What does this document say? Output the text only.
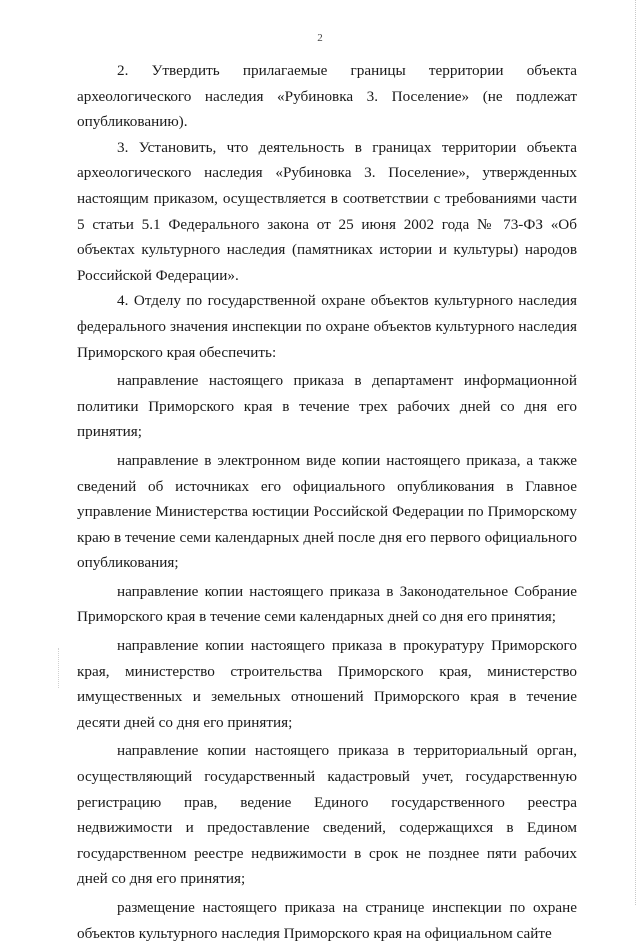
2

2. Утвердить прилагаемые границы территории объекта археологического наследия «Рубиновка 3. Поселение» (не подлежат опубликованию).

3. Установить, что деятельность в границах территории объекта археологического наследия «Рубиновка 3. Поселение», утвержденных настоящим приказом, осуществляется в соответствии с требованиями части 5 статьи 5.1 Федерального закона от 25 июня 2002 года № 73-ФЗ «Об объектах культурного наследия (памятниках истории и культуры) народов Российской Федерации».

4. Отделу по государственной охране объектов культурного наследия федерального значения инспекции по охране объектов культурного наследия Приморского края обеспечить:

направление настоящего приказа в департамент информационной политики Приморского края в течение трех рабочих дней со дня его принятия;

направление в электронном виде копии настоящего приказа, а также сведений об источниках его официального опубликования в Главное управление Министерства юстиции Российской Федерации по Приморскому краю в течение семи календарных дней после дня его первого официального опубликования;

направление копии настоящего приказа в Законодательное Собрание Приморского края в течение семи календарных дней со дня его принятия;

направление копии настоящего приказа в прокуратуру Приморского края, министерство строительства Приморского края, министерство имущественных и земельных отношений Приморского края в течение десяти дней со дня его принятия;

направление копии настоящего приказа в территориальный орган, осуществляющий государственный кадастровый учет, государственную регистрацию прав, ведение Единого государственного реестра недвижимости и предоставление сведений, содержащихся в Едином государственном реестре недвижимости в срок не позднее пяти рабочих дней со дня его принятия;

размещение настоящего приказа на странице инспекции по охране объектов культурного наследия Приморского края на официальном сайте
